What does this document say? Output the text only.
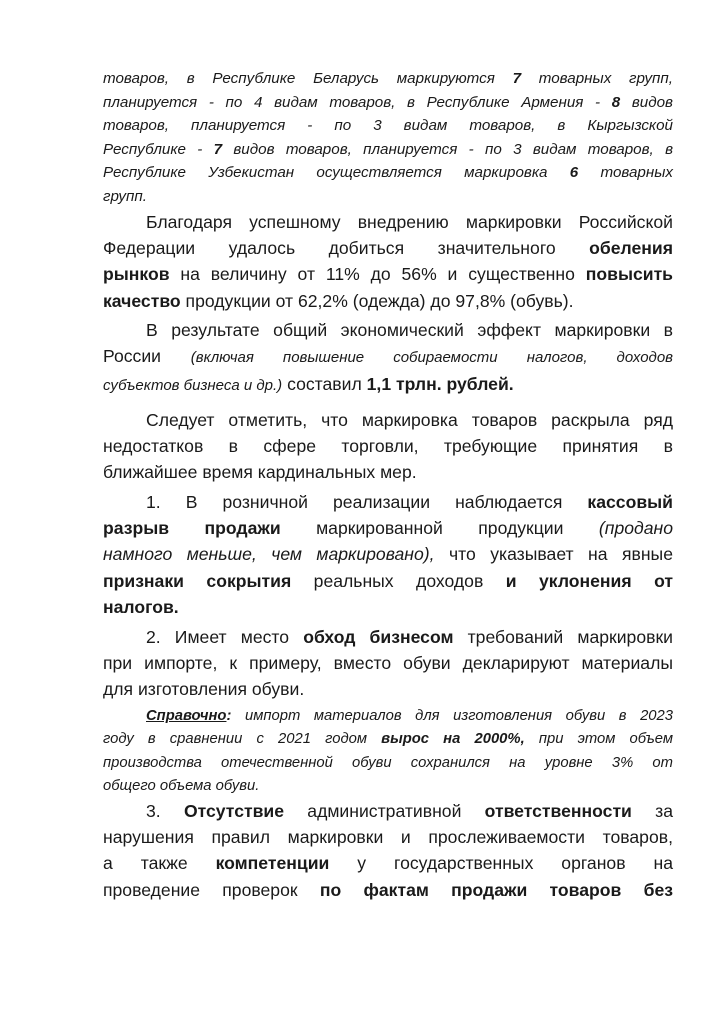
товаров, в Республике Беларусь маркируются 7 товарных групп,
планируется - по 4 видам товаров, в Республике Армения - 8 видов
товаров, планируется - по 3 видам товаров, в Кыргызской
Республике - 7 видов товаров, планируется - по 3 видам товаров, в
Республике Узбекистан осуществляется маркировка 6 товарных
групп.
Благодаря успешному внедрению маркировки Российской
Федерации удалось добиться значительного обеления
рынков на величину от 11% до 56% и существенно повысить
качество продукции от 62,2% (одежда) до 97,8% (обувь).
В результате общий экономический эффект маркировки в
России (включая повышение собираемости налогов, доходов
субъектов бизнеса и др.) составил 1,1 трлн. рублей.
Следует отметить, что маркировка товаров раскрыла ряд
недостатков в сфере торговли, требующие принятия в
ближайшее время кардинальных мер.
1. В розничной реализации наблюдается кассовый
разрыв продажи маркированной продукции (продано
намного меньше, чем маркировано), что указывает на явные
признаки сокрытия реальных доходов и уклонения от
налогов.
2. Имеет место обход бизнесом требований маркировки
при импорте, к примеру, вместо обуви декларируют материалы
для изготовления обуви.
Справочно: импорт материалов для изготовления обуви в 2023
году в сравнении с 2021 годом вырос на 2000%, при этом объем
производства отечественной обуви сохранился на уровне 3% от
общего объема обуви.
3. Отсутствие административной ответственности за
нарушения правил маркировки и прослеживаемости товаров,
а также компетенции у государственных органов на
проведение проверок по фактам продажи товаров без
